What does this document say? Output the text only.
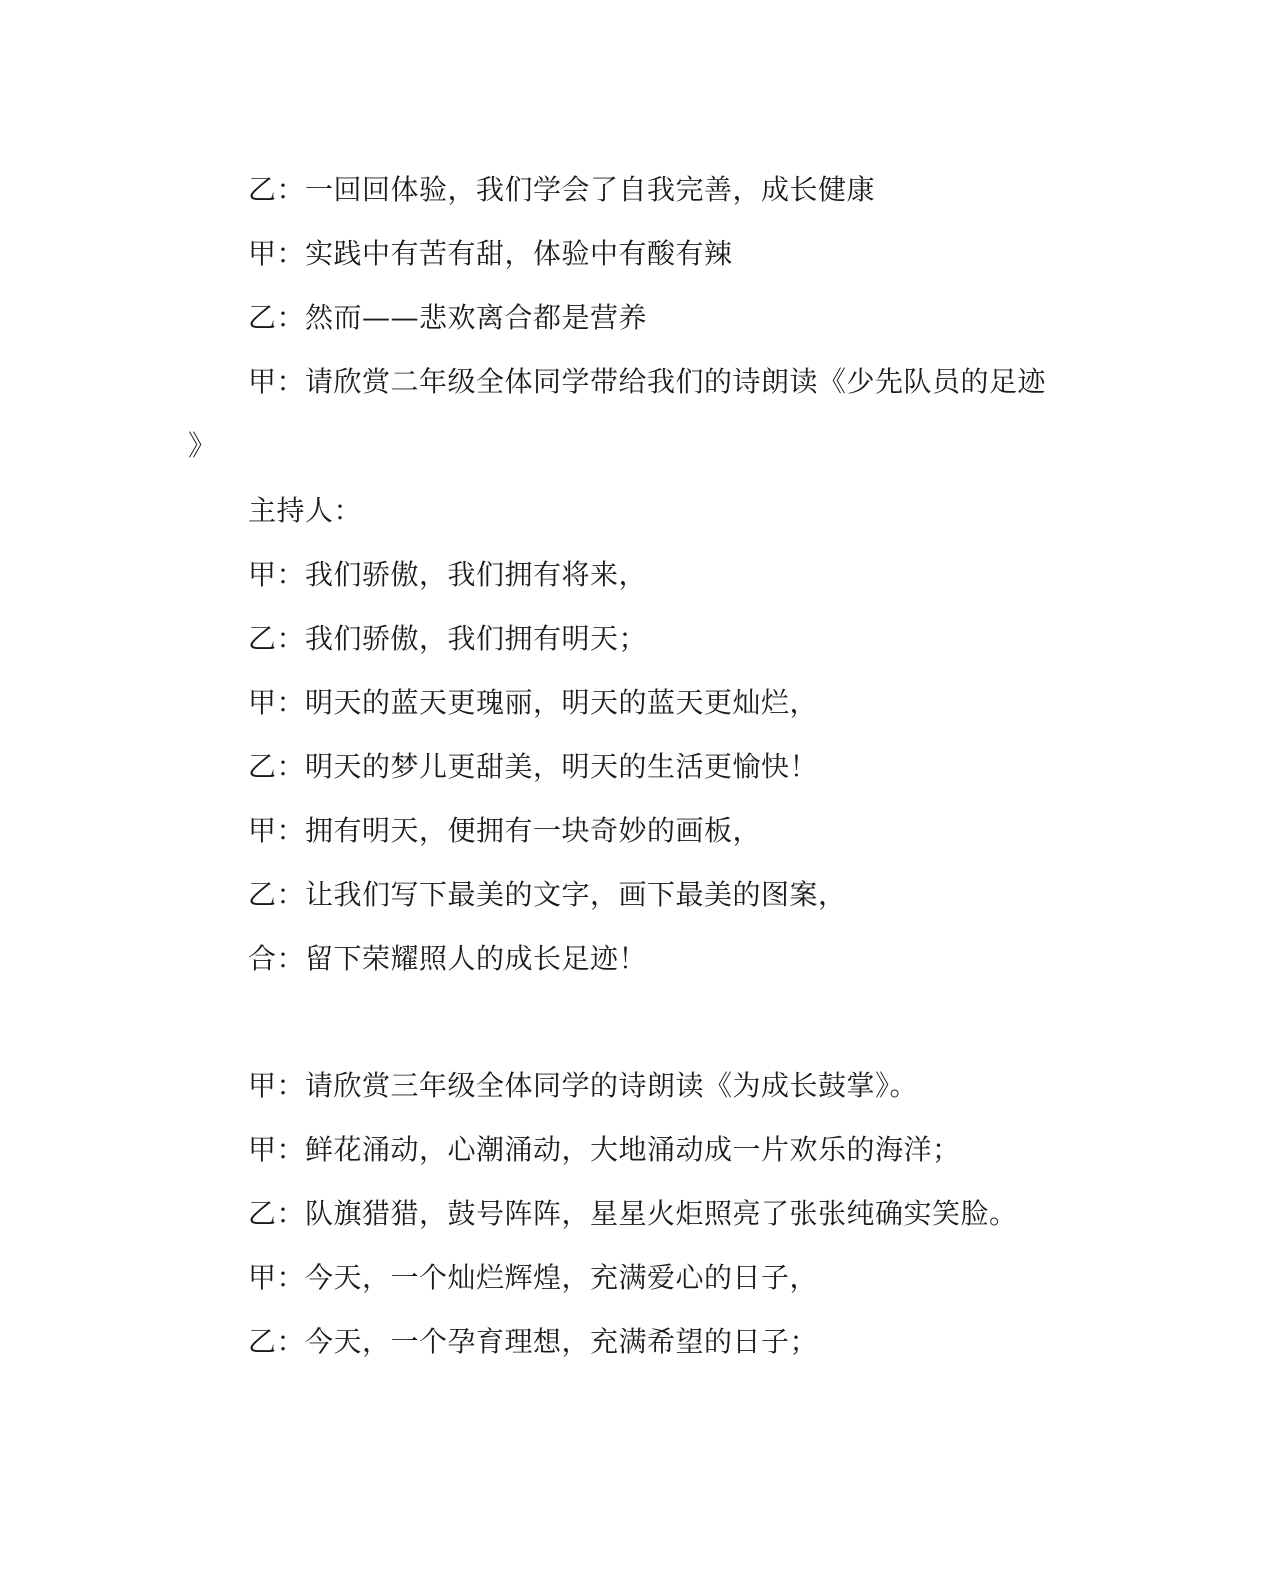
乙：一回回体验，我们学会了自我完善，成长健康
甲：实践中有苦有甜，体验中有酸有辣
乙：然而——悲欢离合都是营养
甲：请欣赏二年级全体同学带给我们的诗朗读《少先队员的足迹
》
主持人：
甲：我们骄傲，我们拥有将来，
乙：我们骄傲，我们拥有明天；
甲：明天的蓝天更瑰丽，明天的蓝天更灿烂，
乙：明天的梦儿更甜美，明天的生活更愉快！
甲：拥有明天，便拥有一块奇妙的画板，
乙：让我们写下最美的文字，画下最美的图案，
合：留下荣耀照人的成长足迹！
甲：请欣赏三年级全体同学的诗朗读《为成长鼓掌》。
甲：鲜花涌动，心潮涌动，大地涌动成一片欢乐的海洋；
乙：队旗猎猎，鼓号阵阵，星星火炬照亮了张张纯确实笑脸。
甲：今天，一个灿烂辉煌，充满爱心的日子，
乙：今天，一个孕育理想，充满希望的日子；
